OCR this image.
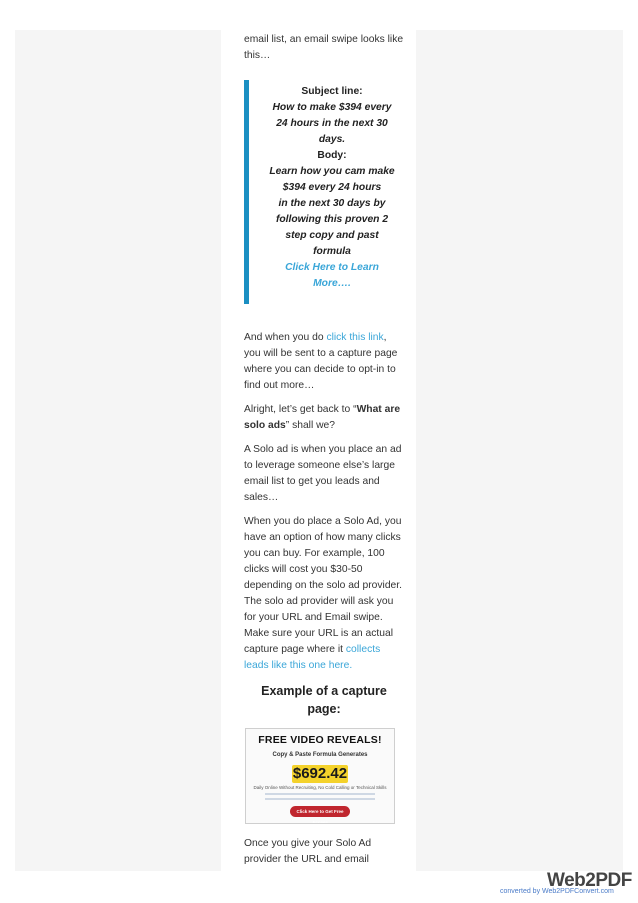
email list, an email swipe looks like this…

Subject line:
How to make $394 every 24 hours in the next 30 days.
Body:
Learn how you cam make $394 every 24 hours
in the next 30 days by following this proven 2 step copy and past formula
Click Here to Learn More….

And when you do click this link, you will be sent to a capture page where you can decide to opt-in to find out more…

Alright, let’s get back to “What are solo ads” shall we?

A Solo ad is when you place an ad to leverage someone else’s large email list to get you leads and sales…

When you do place a Solo Ad, you have an option of how many clicks you can buy. For example, 100 clicks will cost you $30-50 depending on the solo ad provider. The solo ad provider will ask you for your URL and Email swipe. Make sure your URL is an actual capture page where it collects leads like this one here.

Example of a capture page:
FREE VIDEO REVEALS!
Copy & Paste Formula Generates
$692.42
Daily Online Without Recruiting, No Cold Calling or Technical Skills
Click Here to Get Free Access

Once you give your Solo Ad provider the URL and email

Web2PDF
converted by Web2PDFConvert.com
